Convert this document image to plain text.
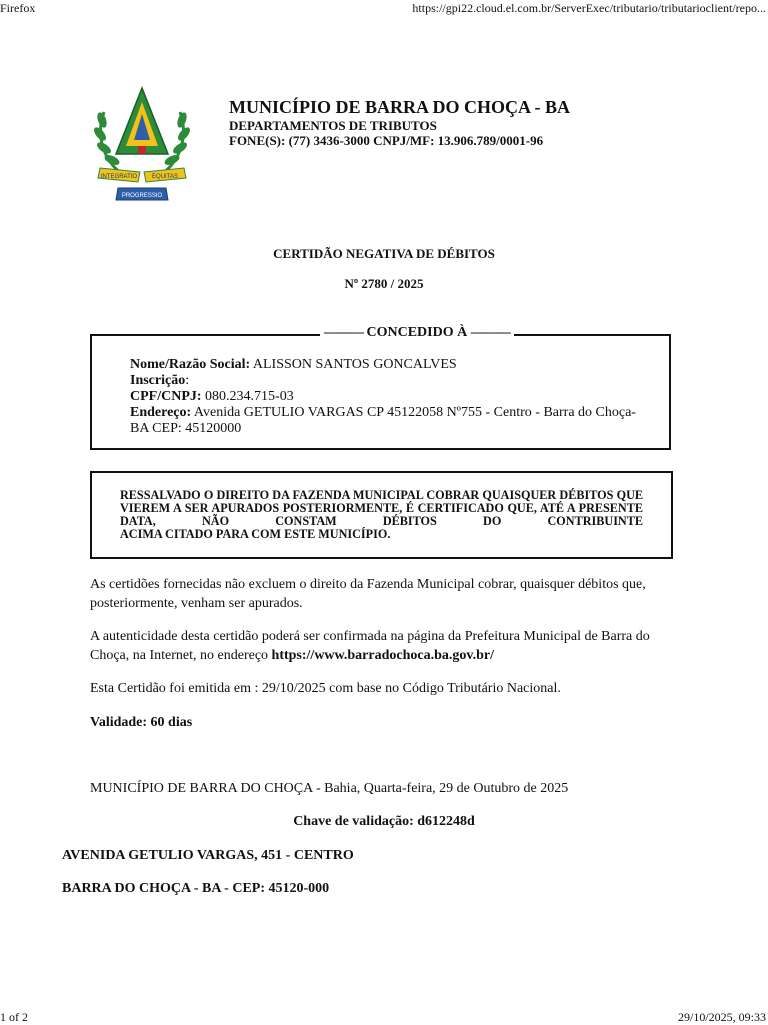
Firefox	https://gpi22.cloud.el.com.br/ServerExec/tributario/tributarioclient/repo...
INTEGRATIO EQUITAS
PROGRESSIO
MUNICÍPIO DE BARRA DO CHOÇA - BA
DEPARTAMENTOS DE TRIBUTOS
FONE(S): (77) 3436-3000 CNPJ/MF: 13.906.789/0001-96
CERTIDÃO NEGATIVA DE DÉBITOS
Nº 2780 / 2025
——— CONCEDIDO À ———
Nome/Razão Social: ALISSON SANTOS GONCALVES
Inscrição:
CPF/CNPJ: 080.234.715-03
Endereço: Avenida GETULIO VARGAS CP 45122058 Nº755 - Centro - Barra do Choça-BA CEP: 45120000
RESSALVADO O DIREITO DA FAZENDA MUNICIPAL COBRAR QUAISQUER DÉBITOS QUE VIEREM A SER APURADOS POSTERIORMENTE, É CERTIFICADO QUE, ATÉ A PRESENTE DATA, NÃO CONSTAM DÉBITOS DO CONTRIBUINTE
ACIMA CITADO PARA COM ESTE MUNICÍPIO.
As certidões fornecidas não excluem o direito da Fazenda Municipal cobrar, quaisquer débitos que, posteriormente, venham ser apurados.
A autenticidade desta certidão poderá ser confirmada na página da Prefeitura Municipal de Barra do Choça, na Internet, no endereço https://www.barradochoca.ba.gov.br/
Esta Certidão foi emitida em : 29/10/2025 com base no Código Tributário Nacional.
Validade: 60 dias
MUNICÍPIO DE BARRA DO CHOÇA - Bahia, Quarta-feira, 29 de Outubro de 2025
Chave de validação: d612248d
AVENIDA GETULIO VARGAS, 451 - CENTRO
BARRA DO CHOÇA - BA - CEP: 45120-000
1 of 2	29/10/2025, 09:33
